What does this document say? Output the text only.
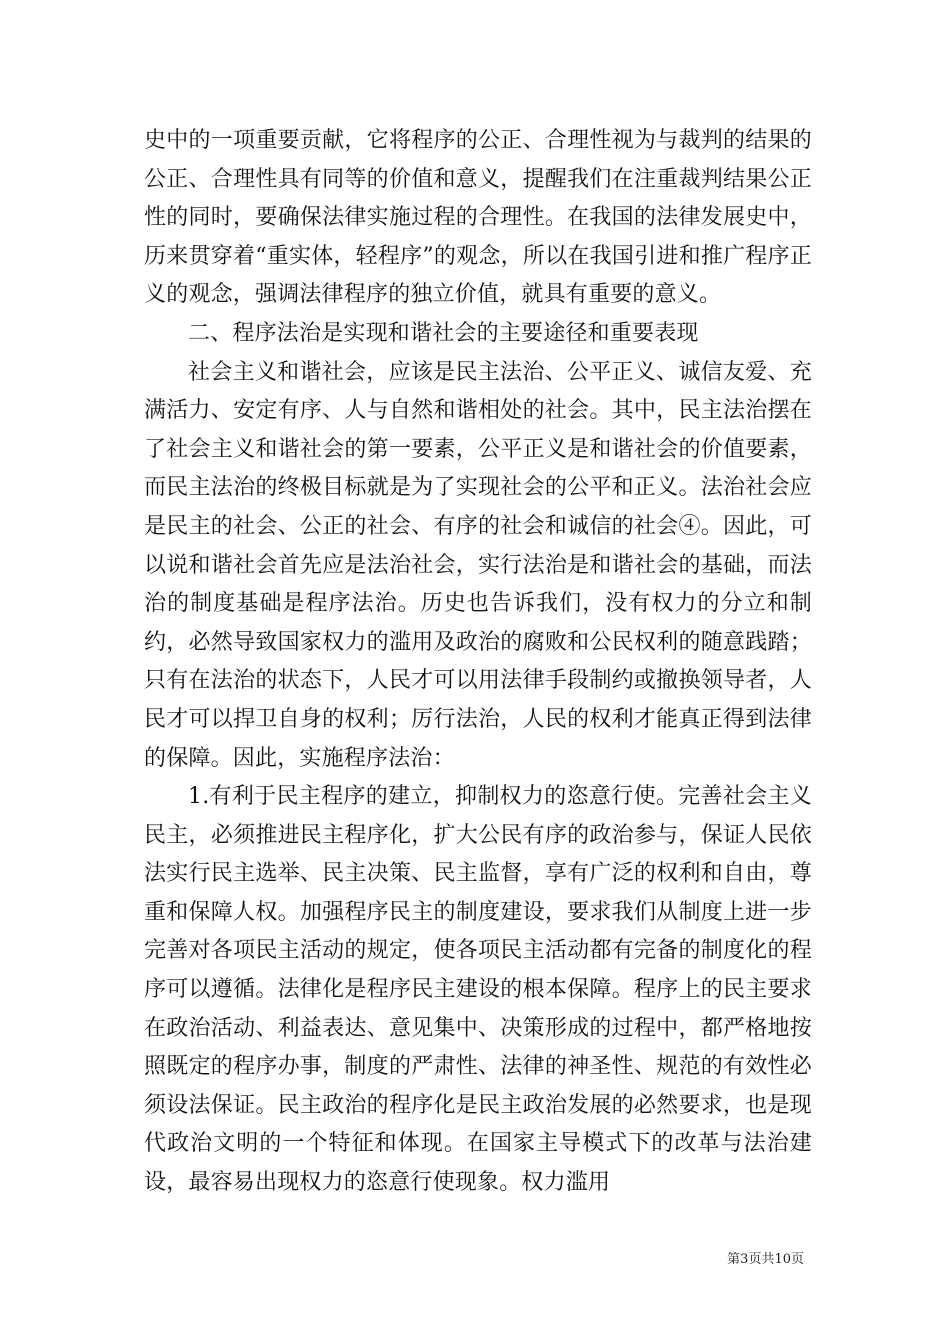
史中的一项重要贡献，它将程序的公正、合理性视为与裁判的结果的公正、合理性具有同等的价值和意义，提醒我们在注重裁判结果公正性的同时，要确保法律实施过程的合理性。在我国的法律发展史中，历来贯穿着“重实体，轻程序”的观念，所以在我国引进和推广程序正义的观念，强调法律程序的独立价值，就具有重要的意义。

二、程序法治是实现和谐社会的主要途径和重要表现

社会主义和谐社会，应该是民主法治、公平正义、诚信友爱、充满活力、安定有序、人与自然和谐相处的社会。其中，民主法治摆在了社会主义和谐社会的第一要素，公平正义是和谐社会的价值要素，而民主法治的终极目标就是为了实现社会的公平和正义。法治社会应是民主的社会、公正的社会、有序的社会和诚信的社会④。因此，可以说和谐社会首先应是法治社会，实行法治是和谐社会的基础，而法治的制度基础是程序法治。历史也告诉我们，没有权力的分立和制约，必然导致国家权力的滥用及政治的腐败和公民权利的随意践踏；只有在法治的状态下，人民才可以用法律手段制约或撤换领导者，人民才可以捍卫自身的权利；厉行法治，人民的权利才能真正得到法律的保障。因此，实施程序法治：

1.有利于民主程序的建立，抑制权力的恣意行使。完善社会主义民主，必须推进民主程序化，扩大公民有序的政治参与，保证人民依法实行民主选举、民主决策、民主监督，享有广泛的权利和自由，尊重和保障人权。加强程序民主的制度建设，要求我们从制度上进一步完善对各项民主活动的规定，使各项民主活动都有完备的制度化的程序可以遵循。法律化是程序民主建设的根本保障。程序上的民主要求在政治活动、利益表达、意见集中、决策形成的过程中，都严格地按照既定的程序办事，制度的严肃性、法律的神圣性、规范的有效性必须设法保证。民主政治的程序化是民主政治发展的必然要求，也是现代政治文明的一个特征和体现。在国家主导模式下的改革与法治建设，最容易出现权力的恣意行使现象。权力滥用

第3页共10页
